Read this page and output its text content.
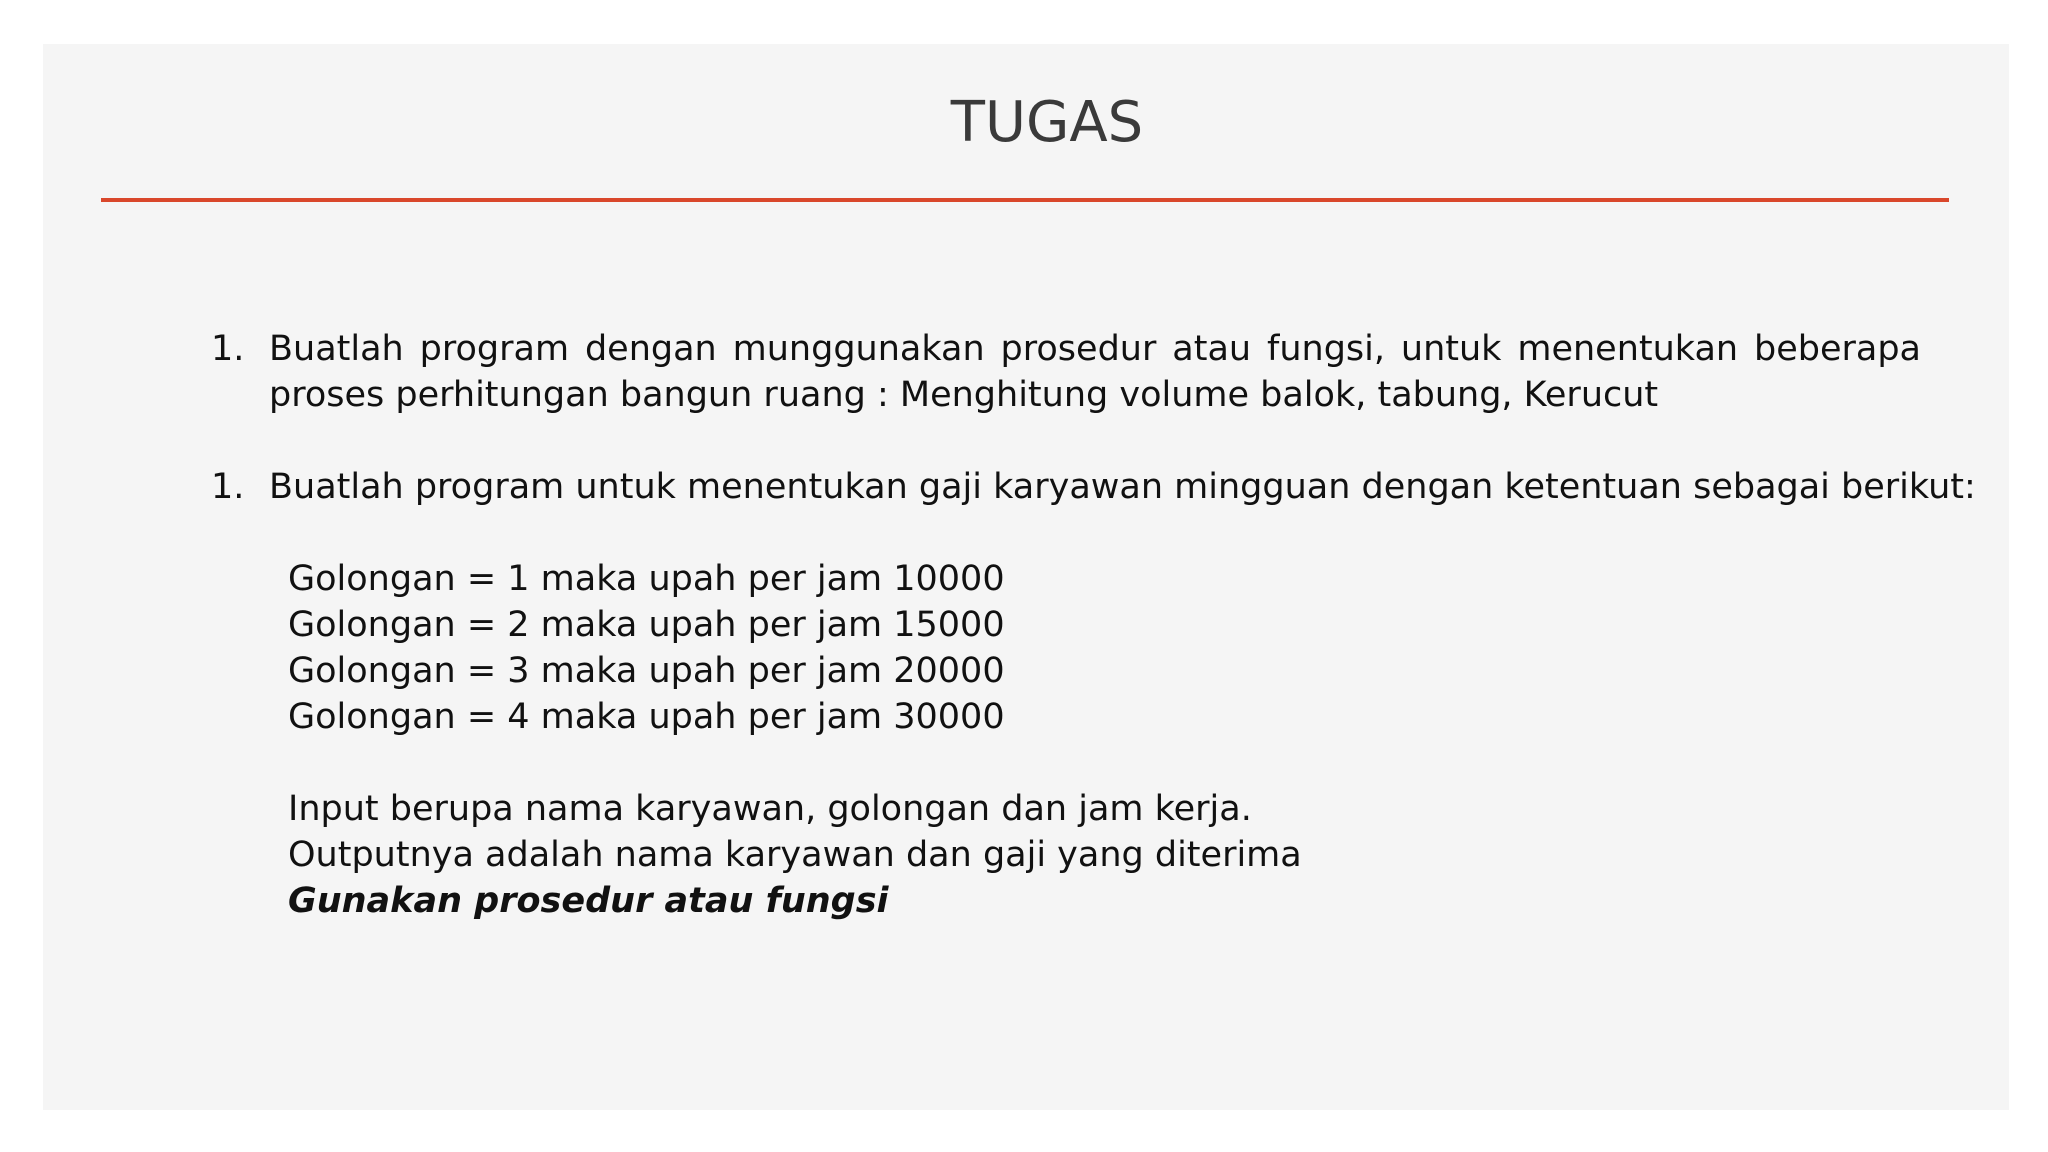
TUGAS
1. Buatlah program dengan munggunakan prosedur atau fungsi, untuk menentukan beberapa proses perhitungan bangun ruang : Menghitung volume balok, tabung, Kerucut
1. Buatlah program untuk menentukan gaji karyawan mingguan dengan ketentuan sebagai berikut:
Golongan = 1 maka upah per jam 10000
Golongan = 2 maka upah per jam 15000
Golongan = 3 maka upah per jam 20000
Golongan = 4 maka upah per jam 30000
Input berupa nama karyawan, golongan dan jam kerja.
Outputnya adalah nama karyawan dan gaji yang diterima
Gunakan prosedur atau fungsi
